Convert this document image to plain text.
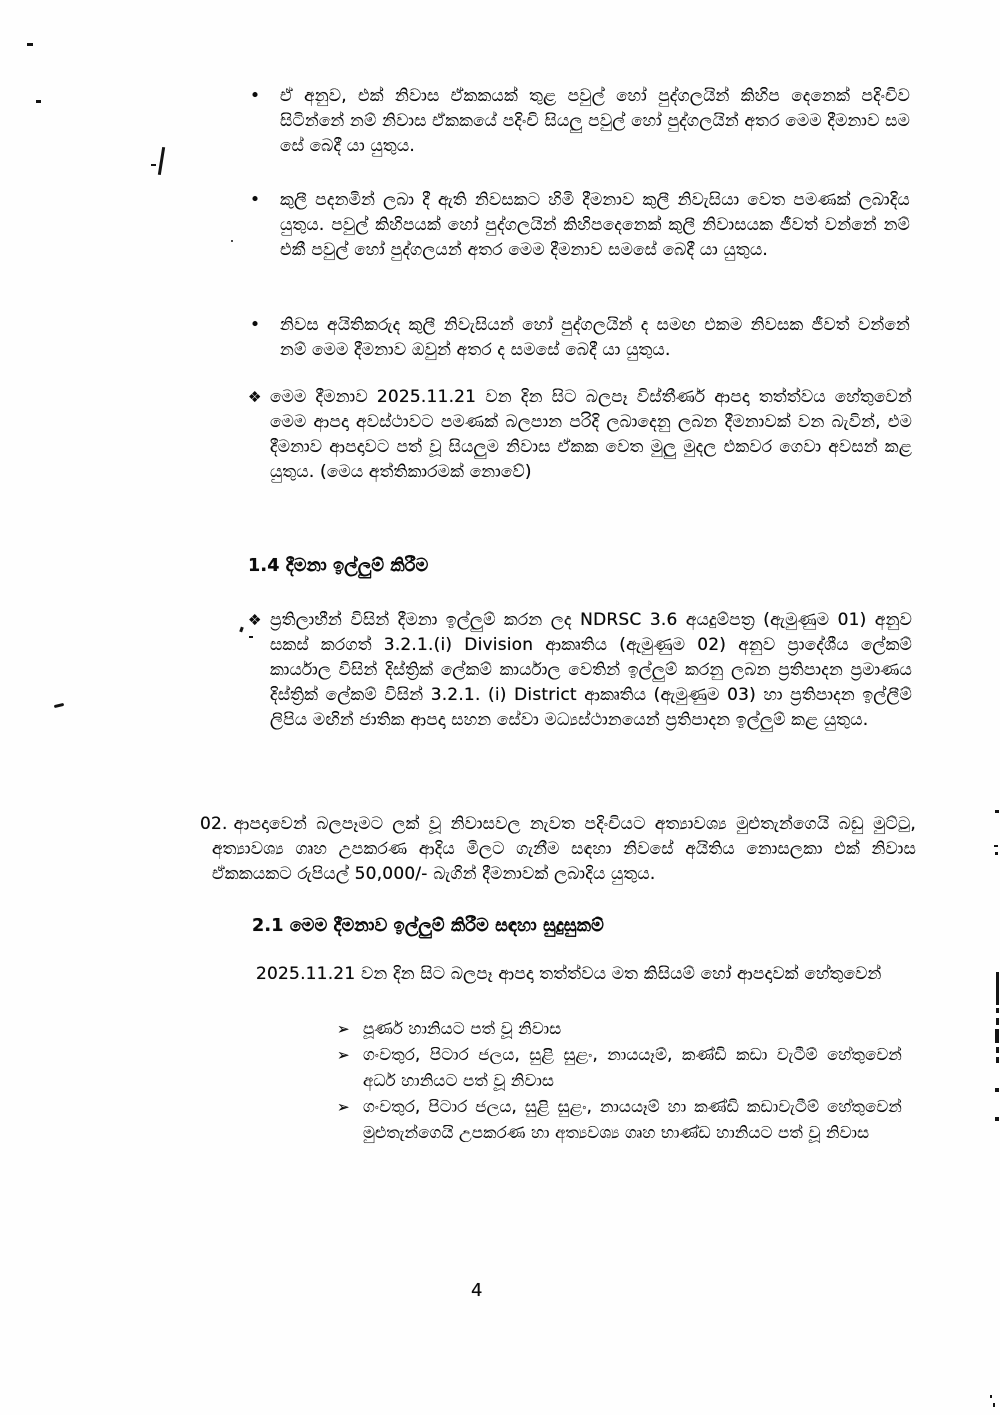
•	ඒ අනුව, එක් නිවාස ඒකකයක් තුළ පවුල් හෝ පුද්ගලයින් කිහිප දෙනෙක් පදිංචිව සිටින්නේ නම් නිවාස ඒකකයේ පදිංචි සියලු පවුල් හෝ පුද්ගලයින් අතර මෙම දීමනාව සම සේ බෙදී යා යුතුය.
•	කුලී පදනමින් ලබා දී ඇති නිවසකට හිමි දීමනාව කුලී නිවැසියා වෙත පමණක් ලබාදිය යුතුය. පවුල් කිහිපයක් හෝ පුද්ගලයින් කිහිපදෙනෙක් කුලී නිවාසයක ජීවත් වන්නේ නම් එකී පවුල් හෝ පුද්ගලයන් අතර මෙම දීමනාව සමසේ බෙදී යා යුතුය.
•	නිවස අයිතිකරුද කුලී නිවැසියන් හෝ පුද්ගලයින් ද සමඟ එකම නිවසක ජීවත් වන්නේ නම් මෙම දීමනාව ඔවුන් අතර ද සමසේ බෙදී යා යුතුය.
❖ මෙම දීමනාව 2025.11.21 වන දින සිට බලපෑ විස්තීර්ණ ආපදා තත්ත්වය හේතුවෙන් මෙම ආපදා අවස්ථාවට පමණක් බලපාන පරිදි ලබාදෙනු ලබන දීමනාවක් වන බැවින්, එම දීමනාව ආපදාවට පත් වූ සියලුම නිවාස ඒකක වෙත මුලු මුදල එකවර ගෙවා අවසන් කළ යුතුය. (මෙය අත්තිකාරමක් නොවේ)
1.4 දීමනා ඉල්ලුම් කිරීම
❖ ප්‍රතිලාභීන් විසින් දීමනා ඉල්ලුම් කරන ලද NDRSC 3.6 අයදුම්පත්‍ර (ඇමුණුම 01) අනුව සකස් කරගත් 3.2.1.(i) Division ආකෘතිය (ඇමුණුම 02) අනුව ප්‍රාදේශීය ලේකම් කාර්යාල විසින් දිස්ත්‍රික් ලේකම් කාර්යාල වෙතින් ඉල්ලුම් කරනු ලබන ප්‍රතිපාදන ප්‍රමාණය දිස්ත්‍රික් ලේකම් විසින් 3.2.1. (i) District ආකෘතිය (ඇමුණුම 03) හා ප්‍රතිපාදන ඉල්ලීම් ලිපිය මඟින් ජාතික ආපදා සහන සේවා මධ්‍යස්ථානයෙන් ප්‍රතිපාදන ඉල්ලුම් කළ යුතුය.

02. ආපදාවෙන් බලපෑමට ලක් වූ නිවාසවල නැවත පදිංචියට අත්‍යාවශ්‍ය මුළුතැන්ගෙයි බඩු මුට්ටු, අත්‍යාවශ්‍ය ගෘහ උපකරණ ආදිය මිලට ගැනීම සඳහා නිවසේ අයිතිය නොසලකා එක් නිවාස ඒකකයකට රුපියල් 50,000/- බැගින් දීමනාවක් ලබාදිය යුතුය.

2.1 මෙම දීමනාව ඉල්ලුම් කිරීම සඳහා සුදුසුකම්
2025.11.21 වන දින සිට බලපෑ ආපදා තත්ත්වය මත කිසියම් හෝ ආපදාවක් හේතුවෙන්
➢ පූර්ණ හානියට පත් වූ නිවාස
➢ ගංවතුර, පිටාර ජලය, සුළි සුළං, නායයෑම්, කණ්ඩි කඩා වැටීම් හේතුවෙන් අර්ධ හානියට පත් වූ නිවාස
➢ ගංවතුර, පිටාර ජලය, සුළි සුළං, නායයෑම් හා කණ්ඩි කඩාවැටීම් හේතුවෙන් මුළුතැන්ගෙයි උපකරණ හා අත්‍යවශ්‍ය ගෘහ භාණ්ඩ හානියට පත් වූ නිවාස
4
